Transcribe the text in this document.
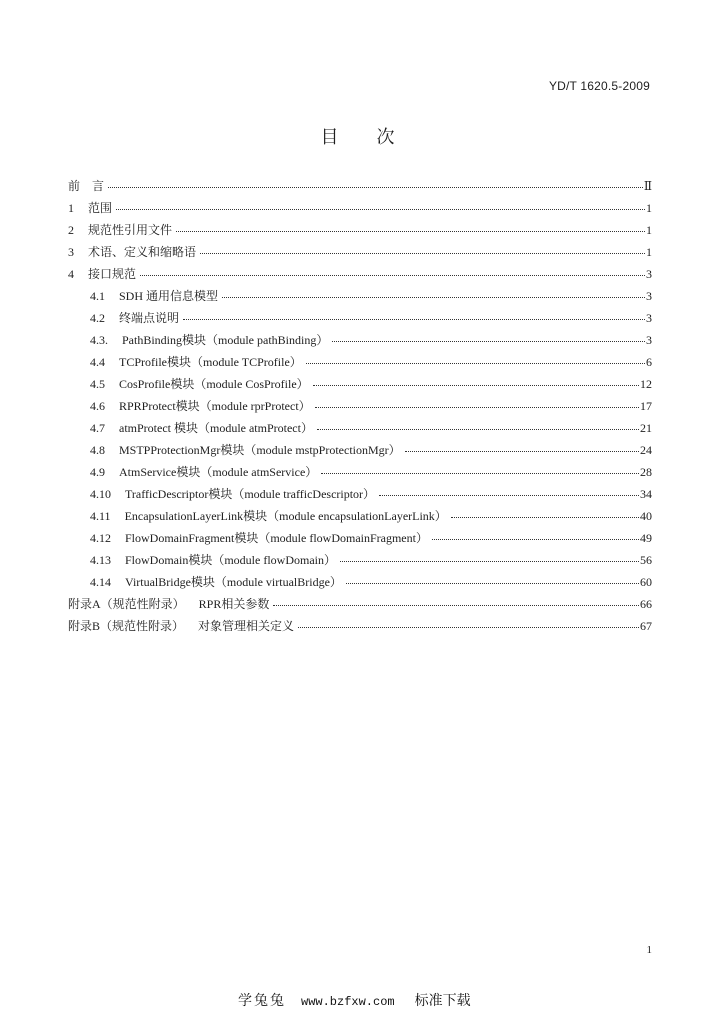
YD/T 1620.5-2009
目　次
前　言	Ⅱ
1 范围	1
2 规范性引用文件	1
3 术语、定义和缩略语	1
4 接口规范	3
4.1 SDH 通用信息模型	3
4.2 终端点说明	3
4.3. PathBinding模块（module pathBinding）	3
4.4 TCProfile模块（module TCProfile）	6
4.5 CosProfile模块（module CosProfile）	12
4.6 RPRProtect模块（module rprProtect）	17
4.7 atmProtect 模块（module atmProtect）	21
4.8 MSTPProtectionMgr模块（module mstpProtectionMgr）	24
4.9 AtmService模块（module atmService）	28
4.10 TrafficDescriptor模块（module trafficDescriptor）	34
4.11 EncapsulationLayerLink模块（module encapsulationLayerLink）	40
4.12 FlowDomainFragment模块（module flowDomainFragment）	49
4.13 FlowDomain模块（module flowDomain）	56
4.14 VirtualBridge模块（module virtualBridge）	60
附录A（规范性附录） RPR相关参数	66
附录B（规范性附录） 对象管理相关定义	67
1
学兔兔 www.bzfxw.com 标准下载
